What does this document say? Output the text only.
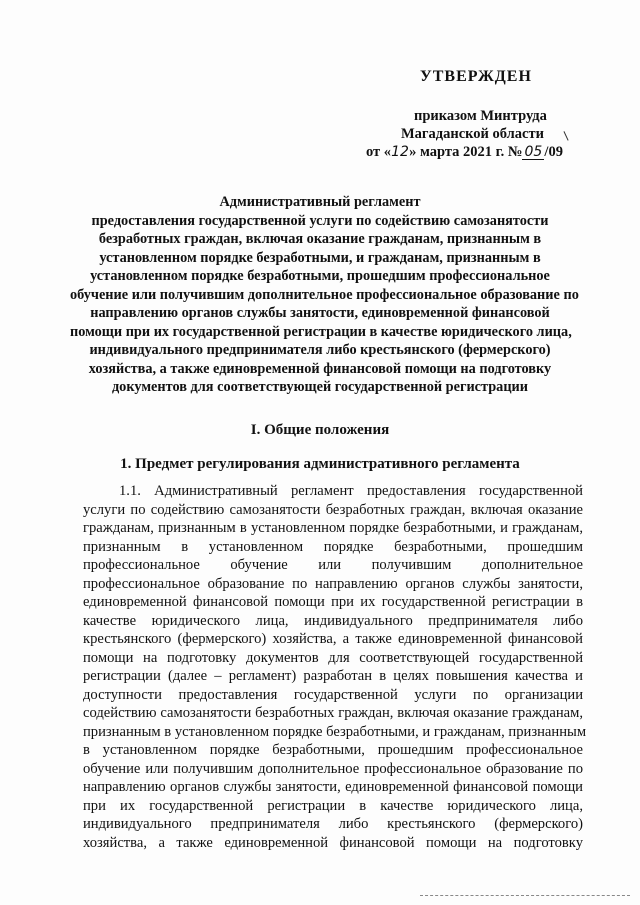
УТВЕРЖДЕН
приказом Минтруда
Магаданской области
от «12» марта 2021 г. № 05 /09
Административный регламент
предоставления государственной услуги по содействию самозанятости
безработных граждан, включая оказание гражданам, признанным в
установленном порядке безработными, и гражданам, признанным в
установленном порядке безработными, прошедшим профессиональное
обучение или получившим дополнительное профессиональное образование по
направлению органов службы занятости, единовременной финансовой
помощи при их государственной регистрации в качестве юридического лица,
индивидуального предпринимателя либо крестьянского (фермерского)
хозяйства, а также единовременной финансовой помощи на подготовку
документов для соответствующей государственной регистрации
I. Общие положения
1. Предмет регулирования административного регламента
1.1. Административный регламент предоставления государственной
услуги по содействию самозанятости безработных граждан, включая оказание
гражданам, признанным в установленном порядке безработными, и гражданам,
признанным в установленном порядке безработными, прошедшим
профессиональное обучение или получившим дополнительное
профессиональное образование по направлению органов службы занятости,
единовременной финансовой помощи при их государственной регистрации в
качестве юридического лица, индивидуального предпринимателя либо
крестьянского (фермерского) хозяйства, а также единовременной финансовой
помощи на подготовку документов для соответствующей государственной
регистрации (далее – регламент) разработан в целях повышения качества и
доступности предоставления государственной услуги по организации
содействию самозанятости безработных граждан, включая оказание гражданам,
признанным в установленном порядке безработными, и гражданам, признанным
в установленном порядке безработными, прошедшим профессиональное
обучение или получившим дополнительное профессиональное образование по
направлению органов службы занятости, единовременной финансовой помощи
при их государственной регистрации в качестве юридического лица,
индивидуального предпринимателя либо крестьянского (фермерского)
хозяйства, а также единовременной финансовой помощи на подготовку
